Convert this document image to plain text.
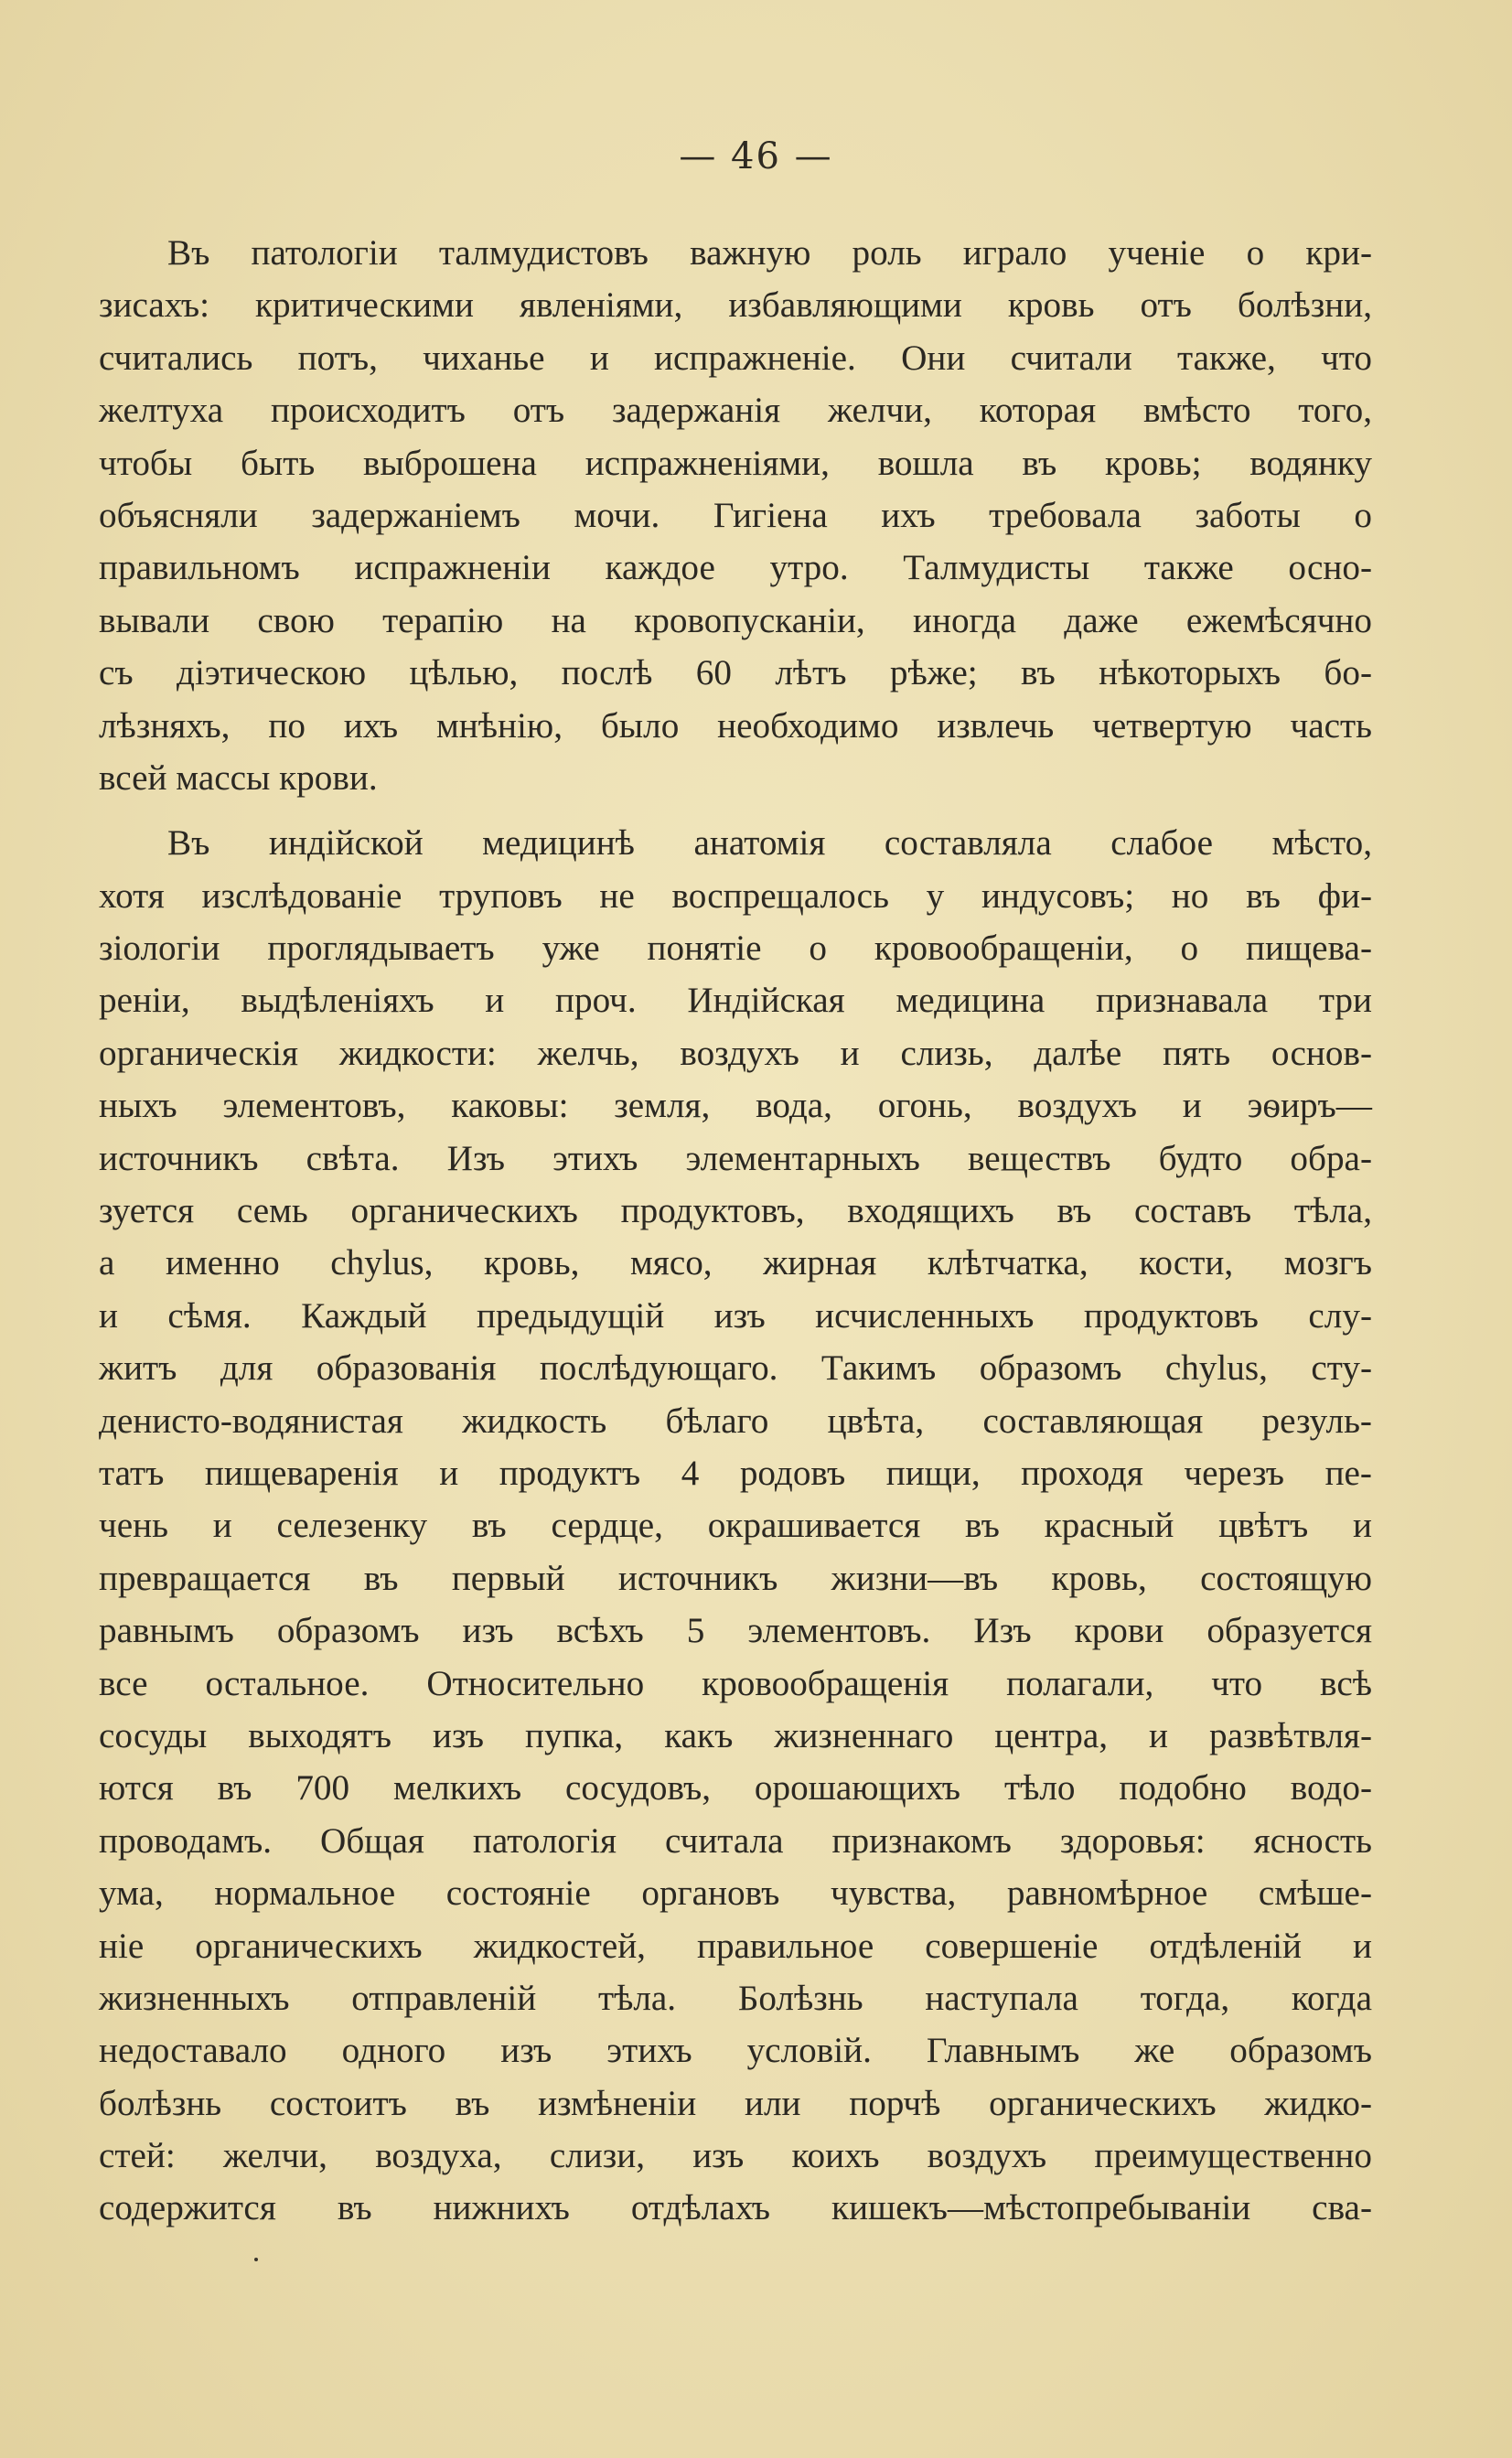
— 46 —
Въ патологіи талмудистовъ важную роль играло ученіе о кри-
зисахъ: критическими явленіями, избавляющими кровь отъ болѣзни,
считались потъ, чиханье и испражненіе. Они считали также, что
желтуха происходитъ отъ задержанія желчи, которая вмѣсто того,
чтобы быть выброшена испражненіями, вошла въ кровь; водянку
объясняли задержаніемъ мочи. Гигіена ихъ требовала заботы о
правильномъ испражненіи каждое утро. Талмудисты также осно-
вывали свою терапію на кровопусканіи, иногда даже ежемѣсячно
съ діэтическою цѣлью, послѣ 60 лѣтъ рѣже; въ нѣкоторыхъ бо-
лѣзняхъ, по ихъ мнѣнію, было необходимо извлечь четвертую часть
всей массы крови.
Въ индійской медицинѣ анатомія составляла слабое мѣсто,
хотя изслѣдованіе труповъ не воспрещалось у индусовъ; но въ фи-
зіологіи проглядываетъ уже понятіе о кровообращеніи, о пищева-
реніи, выдѣленіяхъ и проч. Индійская медицина признавала три
органическія жидкости: желчь, воздухъ и слизь, далѣе пять основ-
ныхъ элементовъ, каковы: земля, вода, огонь, воздухъ и эѳиръ—
источникъ свѣта. Изъ этихъ элементарныхъ веществъ будто обра-
зуется семь органическихъ продуктовъ, входящихъ въ составъ тѣла,
а именно chylus, кровь, мясо, жирная клѣтчатка, кости, мозгъ
и сѣмя. Каждый предыдущій изъ исчисленныхъ продуктовъ слу-
житъ для образованія послѣдующаго. Такимъ образомъ chylus, сту-
денисто-водянистая жидкость бѣлаго цвѣта, составляющая резуль-
татъ пищеваренія и продуктъ 4 родовъ пищи, проходя черезъ пе-
чень и селезенку въ сердце, окрашивается въ красный цвѣтъ и
превращается въ первый источникъ жизни—въ кровь, состоящую
равнымъ образомъ изъ всѣхъ 5 элементовъ. Изъ крови образуется
все остальное. Относительно кровообращенія полагали, что всѣ
сосуды выходятъ изъ пупка, какъ жизненнаго центра, и развѣтвля-
ются въ 700 мелкихъ сосудовъ, орошающихъ тѣло подобно водо-
проводамъ. Общая патологія считала признакомъ здоровья: ясность
ума, нормальное состояніе органовъ чувства, равномѣрное смѣше-
ніе органическихъ жидкостей, правильное совершеніе отдѣленій и
жизненныхъ отправленій тѣла. Болѣзнь наступала тогда, когда
недоставало одного изъ этихъ условій. Главнымъ же образомъ
болѣзнь состоитъ въ измѣненіи или порчѣ органическихъ жидко-
стей: желчи, воздуха, слизи, изъ коихъ воздухъ преимущественно
содержится въ нижнихъ отдѣлахъ кишекъ—мѣстопребываніи сва-
